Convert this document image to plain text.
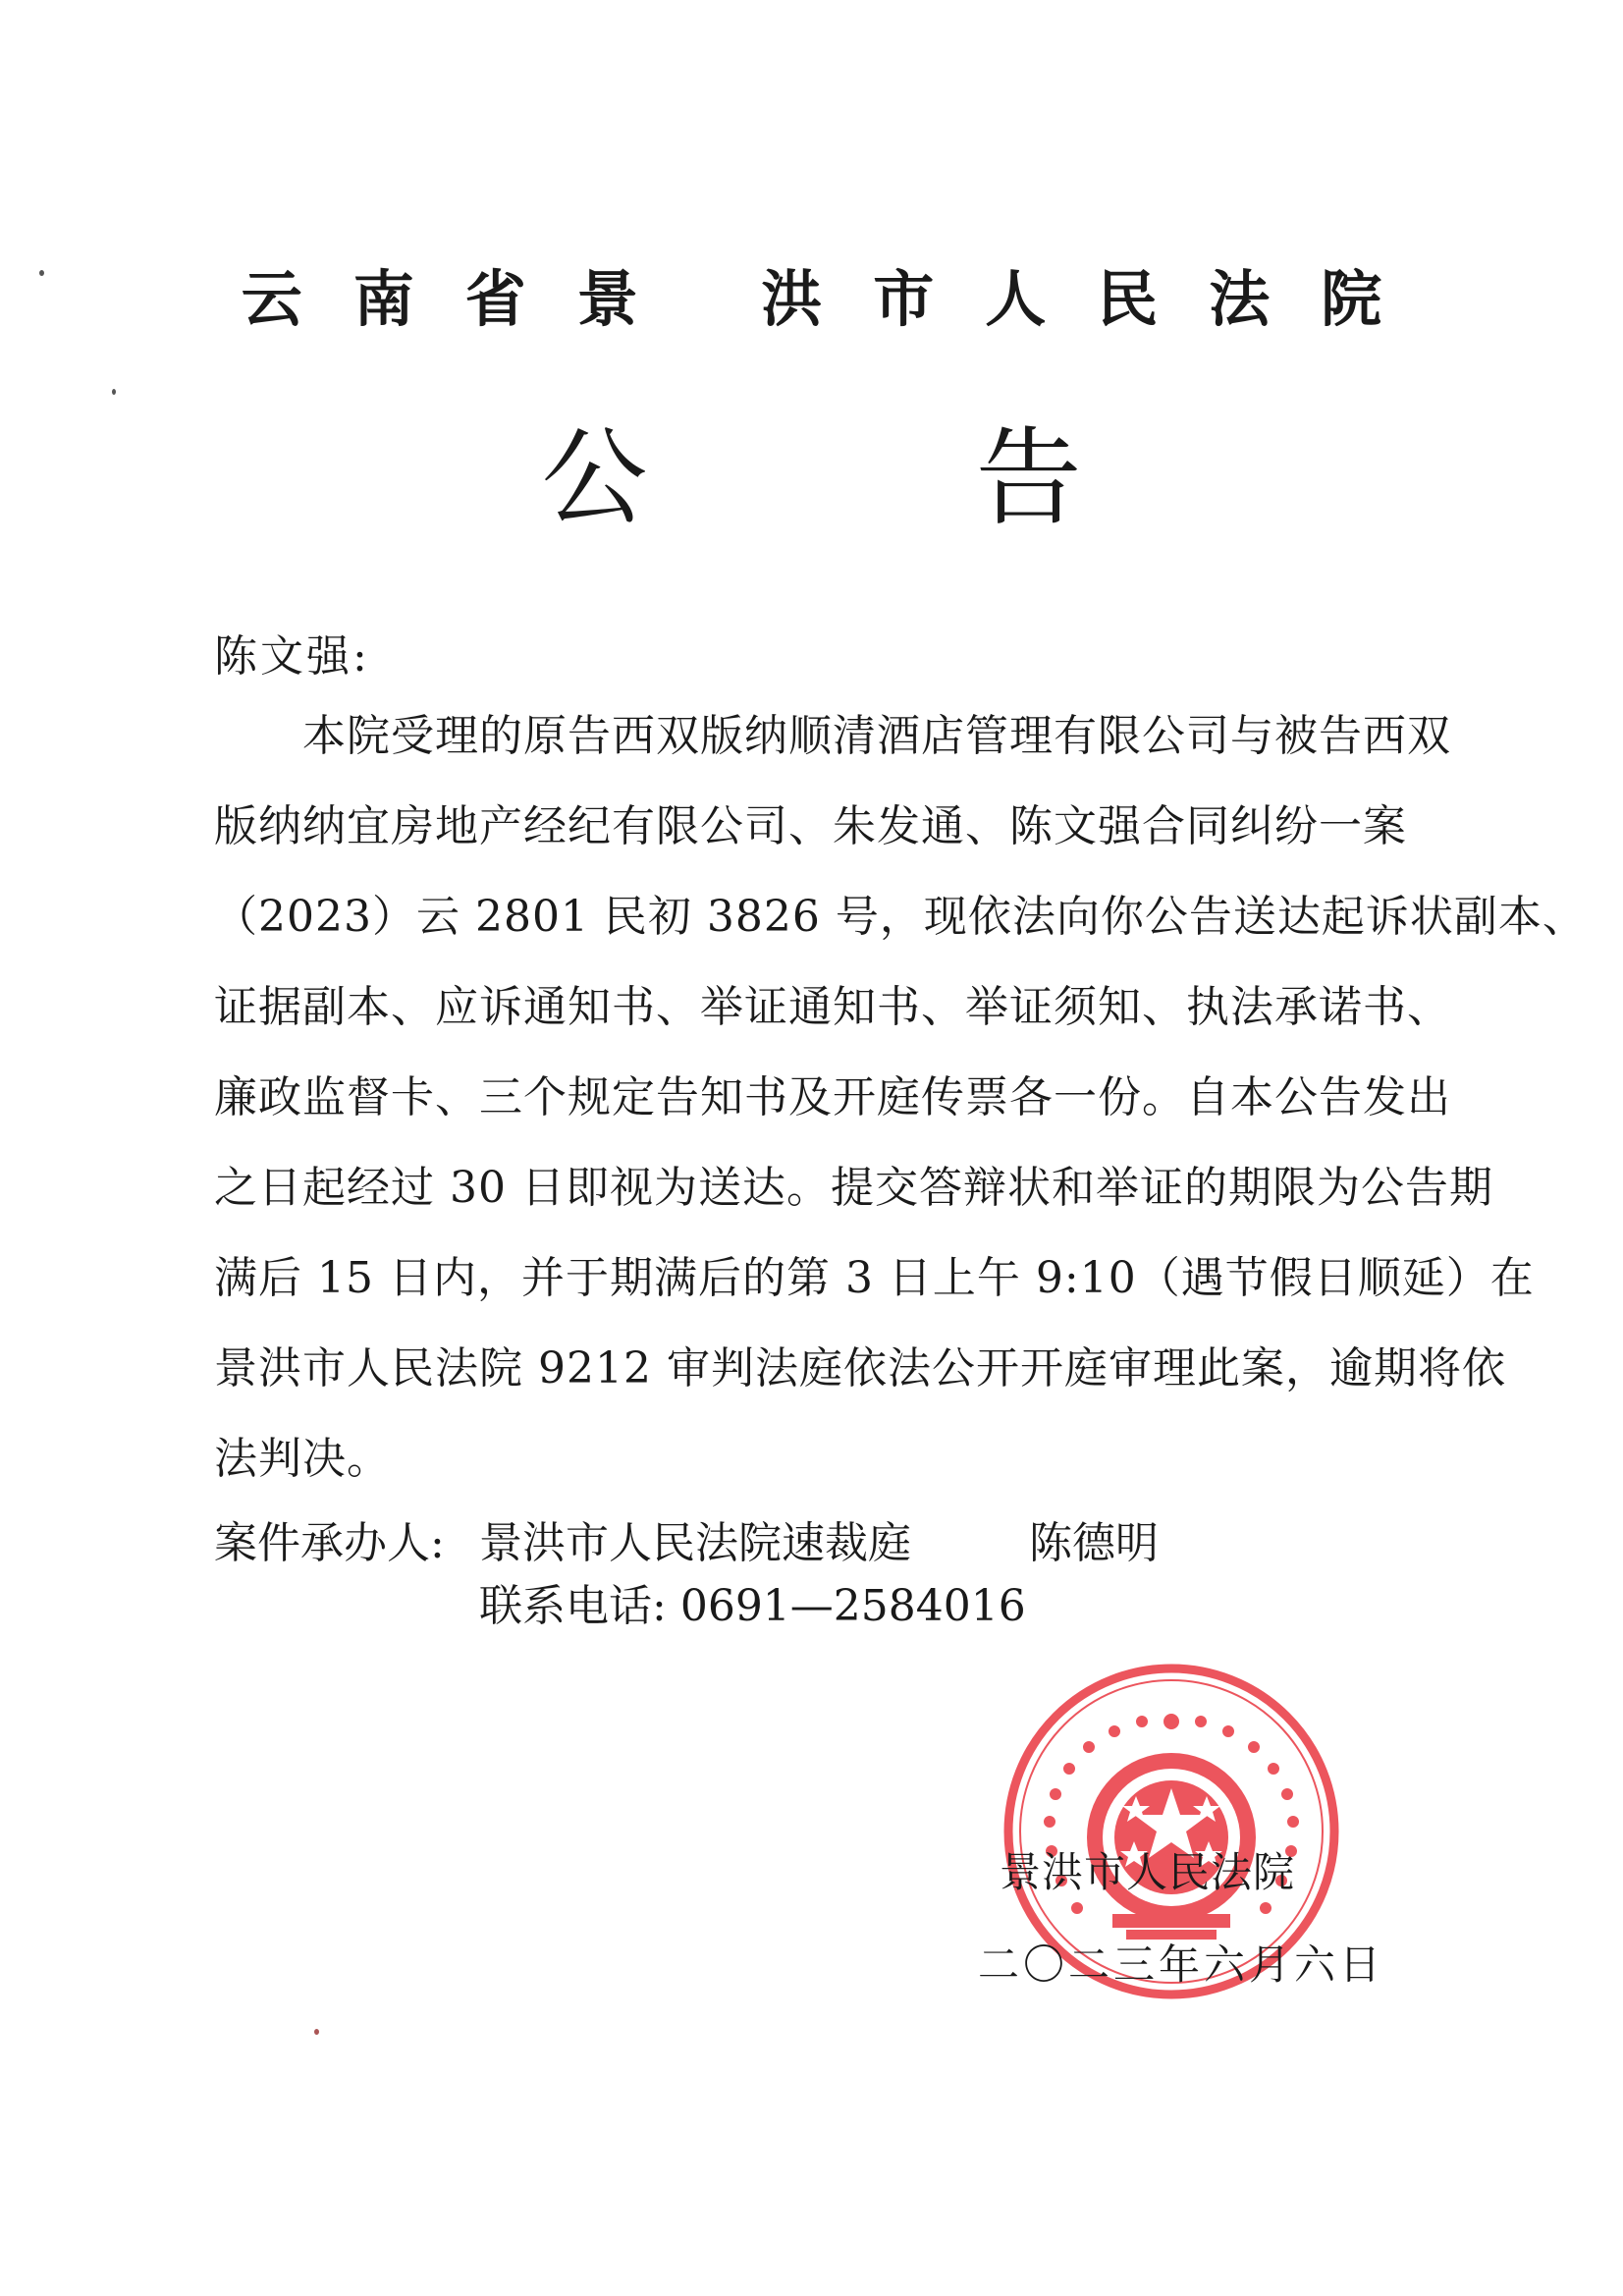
云南省景 洪市人民法院
公 告
陈文强:
　　本院受理的原告西双版纳顺清酒店管理有限公司与被告西双
版纳纳宜房地产经纪有限公司、朱发通、陈文强合同纠纷一案
（2023）云 2801 民初 3826 号，现依法向你公告送达起诉状副本、
证据副本、应诉通知书、举证通知书、举证须知、执法承诺书、
廉政监督卡、三个规定告知书及开庭传票各一份。自本公告发出
之日起经过 30 日即视为送达。提交答辩状和举证的期限为公告期
满后 15 日内，并于期满后的第 3 日上午 9:10（遇节假日顺延）在
景洪市人民法院 9212 审判法庭依法公开开庭审理此案，逾期将依
法判决。
案件承办人: 景洪市人民法院速裁庭	陈德明
联系电话: 0691—2584016
景洪市人民法院
二〇二三年六月六日
